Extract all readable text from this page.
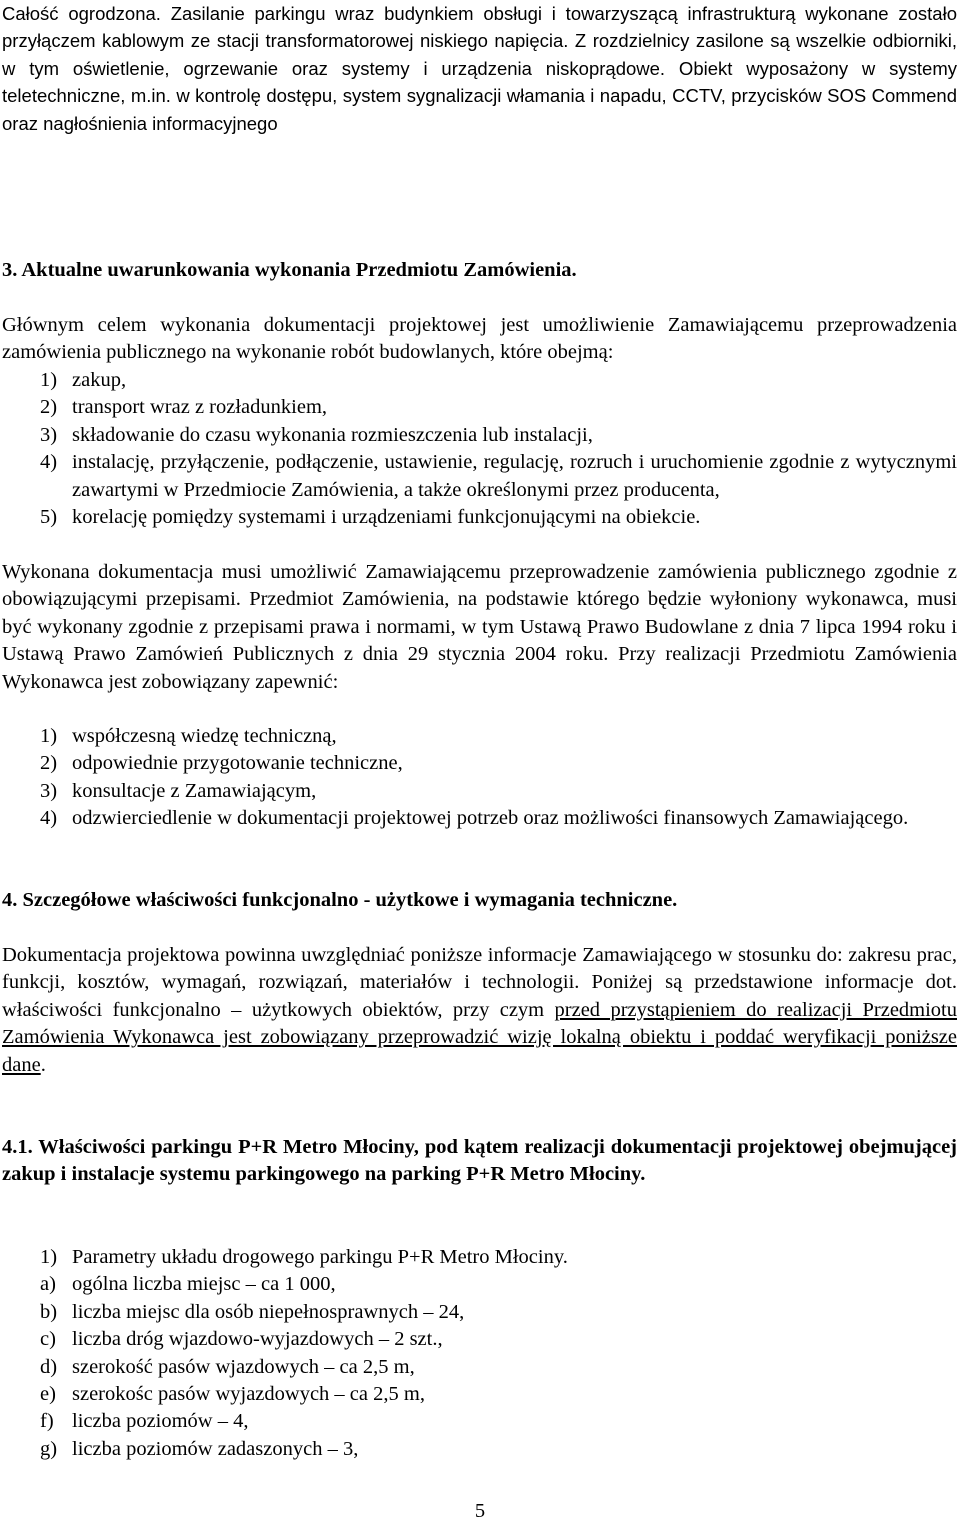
Całość ogrodzona. Zasilanie parkingu wraz budynkiem obsługi i towarzyszącą infrastrukturą wykonane zostało przyłączem kablowym ze stacji transformatorowej niskiego napięcia. Z rozdzielnicy zasilone są wszelkie odbiorniki, w tym oświetlenie, ogrzewanie oraz systemy i urządzenia niskoprądowe. Obiekt wyposażony w systemy teletechniczne, m.in. w kontrolę dostępu, system sygnalizacji włamania i napadu, CCTV, przycisków SOS Commend oraz nagłośnienia informacyjnego
3. Aktualne uwarunkowania wykonania Przedmiotu Zamówienia.
Głównym celem wykonania dokumentacji projektowej jest umożliwienie Zamawiającemu przeprowadzenia zamówienia publicznego na wykonanie robót budowlanych, które obejmą:
1) zakup,
2) transport wraz z rozładunkiem,
3) składowanie do czasu wykonania rozmieszczenia lub instalacji,
4) instalację, przyłączenie, podłączenie, ustawienie, regulację, rozruch i uruchomienie zgodnie z wytycznymi zawartymi w Przedmiocie Zamówienia, a także określonymi przez producenta,
5) korelację pomiędzy systemami i urządzeniami funkcjonującymi na obiekcie.
Wykonana dokumentacja musi umożliwić Zamawiającemu przeprowadzenie zamówienia publicznego zgodnie z obowiązującymi przepisami. Przedmiot Zamówienia, na podstawie którego będzie wyłoniony wykonawca, musi być wykonany zgodnie z przepisami prawa i normami, w tym Ustawą Prawo Budowlane z dnia 7 lipca 1994 roku i Ustawą Prawo Zamówień Publicznych z dnia 29 stycznia 2004 roku. Przy realizacji Przedmiotu Zamówienia Wykonawca jest zobowiązany zapewnić:
1) współczesną wiedzę techniczną,
2) odpowiednie przygotowanie techniczne,
3) konsultacje z Zamawiającym,
4) odzwierciedlenie w dokumentacji projektowej potrzeb oraz możliwości finansowych Zamawiającego.
4. Szczegółowe właściwości funkcjonalno - użytkowe i wymagania techniczne.
Dokumentacja projektowa powinna uwzględniać poniższe informacje Zamawiającego w stosunku do: zakresu prac, funkcji, kosztów, wymagań, rozwiązań, materiałów i technologii. Poniżej są przedstawione informacje dot. właściwości funkcjonalno – użytkowych obiektów, przy czym przed przystąpieniem do realizacji Przedmiotu Zamówienia Wykonawca jest zobowiązany przeprowadzić wizję lokalną obiektu i poddać weryfikacji poniższe dane.
4.1. Właściwości parkingu P+R Metro Młociny, pod kątem realizacji dokumentacji projektowej obejmującej zakup i instalacje systemu parkingowego na parking P+R Metro Młociny.
1) Parametry układu drogowego parkingu P+R Metro Młociny.
a) ogólna liczba miejsc – ca 1 000,
b) liczba miejsc dla osób niepełnosprawnych – 24,
c) liczba dróg wjazdowo-wyjazdowych – 2 szt.,
d) szerokość pasów wjazdowych – ca 2,5 m,
e) szerokośc pasów wyjazdowych – ca 2,5 m,
f) liczba poziomów – 4,
g) liczba poziomów zadaszonych – 3,
5
